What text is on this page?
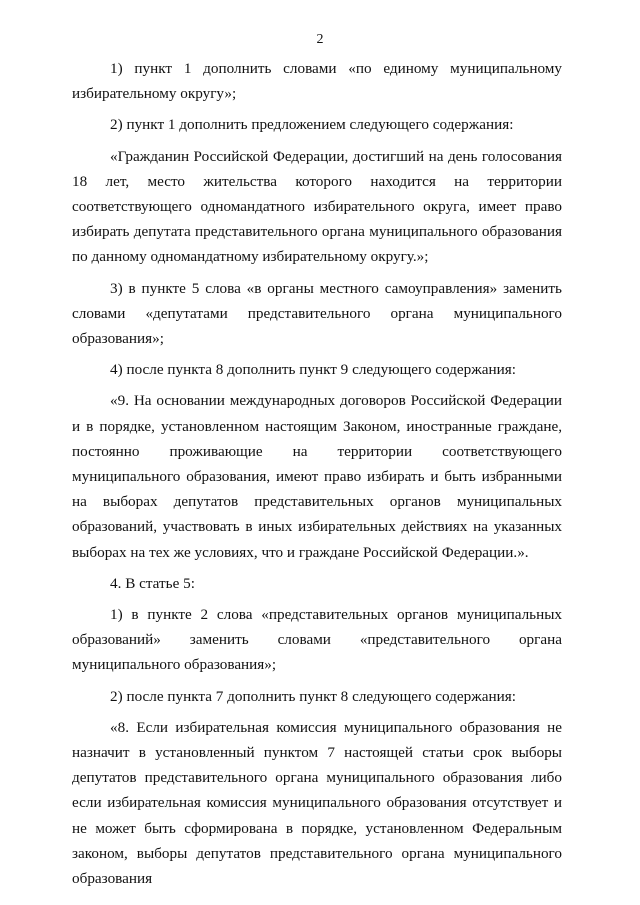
2

1) пункт 1 дополнить словами «по единому муниципальному избирательному округу»;

2) пункт 1 дополнить предложением следующего содержания:

«Гражданин Российской Федерации, достигший на день голосования 18 лет, место жительства которого находится на территории соответствующего одномандатного избирательного округа, имеет право избирать депутата представительного органа муниципального образования по данному одномандатному избирательному округу.»;

3) в пункте 5 слова «в органы местного самоуправления» заменить словами «депутатами представительного органа муниципального образования»;

4) после пункта 8 дополнить пункт 9 следующего содержания:

«9. На основании международных договоров Российской Федерации и в порядке, установленном настоящим Законом, иностранные граждане, постоянно проживающие на территории соответствующего муниципального образования, имеют право избирать и быть избранными на выборах депутатов представительных органов муниципальных образований, участвовать в иных избирательных действиях на указанных выборах на тех же условиях, что и граждане Российской Федерации.».

4. В статье 5:

1) в пункте 2 слова «представительных органов муниципальных образований» заменить словами «представительного органа муниципального образования»;

2) после пункта 7 дополнить пункт 8 следующего содержания:

«8. Если избирательная комиссия муниципального образования не назначит в установленный пунктом 7 настоящей статьи срок выборы депутатов представительного органа муниципального образования либо если избирательная комиссия муниципального образования отсутствует и не может быть сформирована в порядке, установленном Федеральным законом, выборы депутатов представительного органа муниципального образования
